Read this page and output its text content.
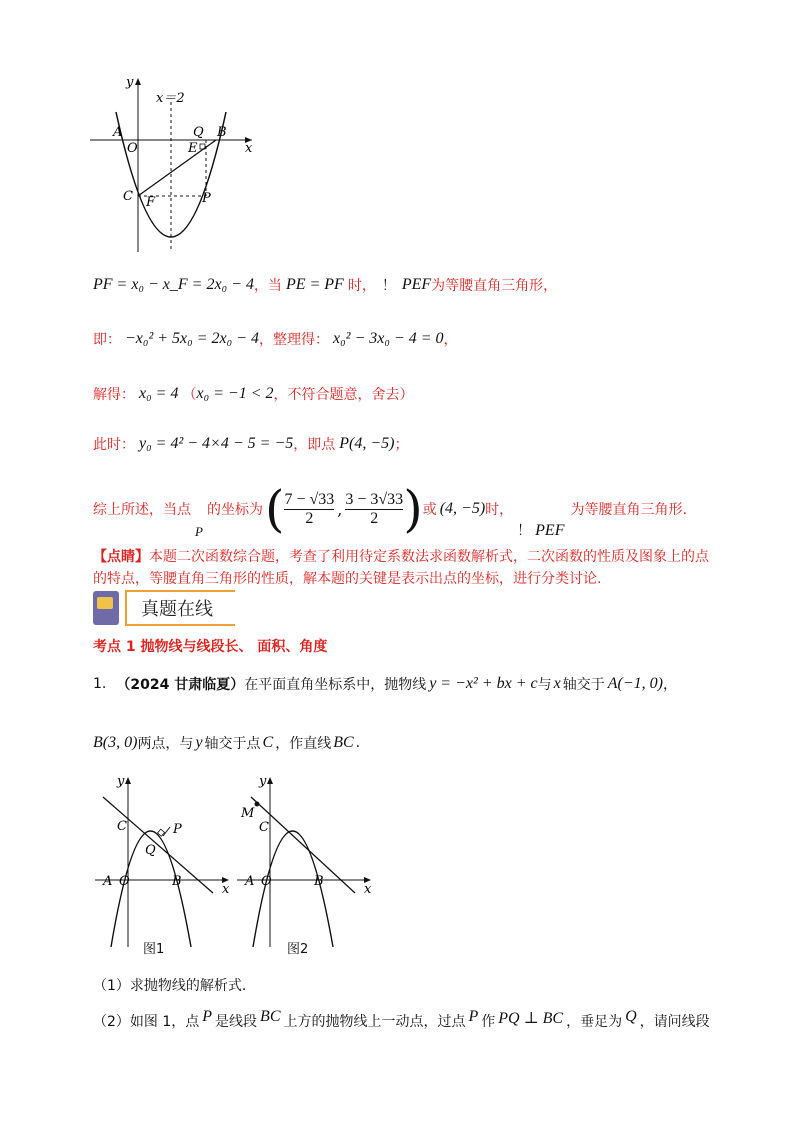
y
x
x＝2
A
O
Q B
E
C F	P
PF = x₀ − x_F = 2x₀ − 4 ，当 PE = PF 时， ！ PEF 为等腰直角三角形，
即： −x₀² + 5x₀ = 2x₀ − 4 ，整理得： x₀² − 3x₀ − 4 = 0 ，
解得： x₀ = 4 （ x₀ = −1 < 2 ，不符合题意，舍去）
此时： y₀ = 4² − 4×4 − 5 = −5 ，即点 P(4, −5) ；
综上所述，当点
P
的坐标为 ( $\frac{7 - √33}{2}$ , $\frac{3 - 3√33}{2}$ ) 或 (4, −5) 时，
！ PEF
为等腰直角三角形.
【点睛】本题二次函数综合题，考查了利用待定系数法求函数解析式，二次函数的性质及图象上的点的特点，等腰直角三角形的性质，解本题的关键是表示出点的坐标，进行分类讨论.
真题在线
考点 1 抛物线与线段长、 面积、角度
1. （2024 甘肃临夏） 在平面直角坐标系中，抛物线 y = −x² + bx + c 与 x 轴交于 A(−1, 0) ，
B(3, 0) 两点，与 y 轴交于点 C ，作直线 BC .
y
x
C	P
Q
A O	B
图1
y
x
M
C
A O	B
图2
（1）求抛物线的解析式.
（2）如图 1，点 P 是线段 BC 上方的抛物线上一动点，过点 P 作 PQ ⊥ BC ，垂足为 Q ，请问线段
